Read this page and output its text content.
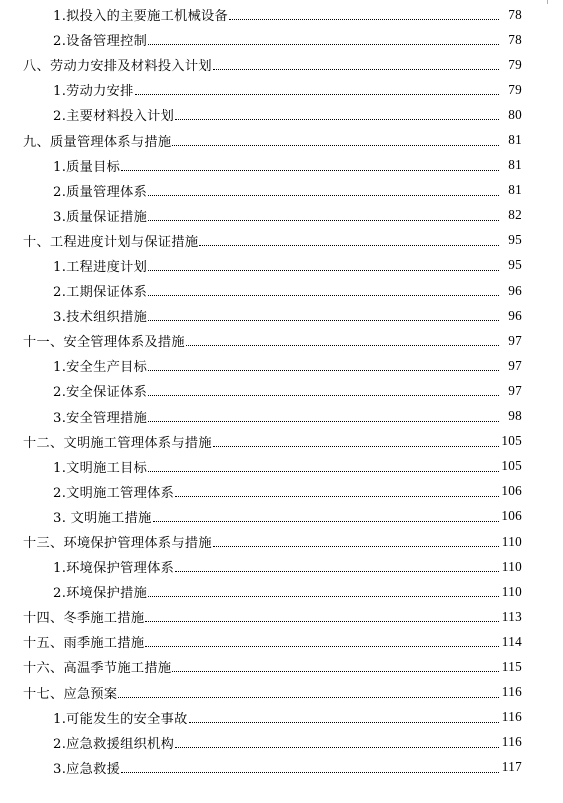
1.拟投入的主要施工机械设备	78
2.设备管理控制	78
八、劳动力安排及材料投入计划	79
1.劳动力安排	79
2.主要材料投入计划	80
九、质量管理体系与措施	81
1.质量目标	81
2.质量管理体系	81
3.质量保证措施	82
十、工程进度计划与保证措施	95
1.工程进度计划	95
2.工期保证体系	96
3.技术组织措施	96
十一、安全管理体系及措施	97
1.安全生产目标	97
2.安全保证体系	97
3.安全管理措施	98
十二、文明施工管理体系与措施	105
1.文明施工目标	105
2.文明施工管理体系	106
3. 文明施工措施	106
十三、环境保护管理体系与措施	110
1.环境保护管理体系	110
2.环境保护措施	110
十四、冬季施工措施	113
十五、雨季施工措施	114
十六、高温季节施工措施	115
十七、应急预案	116
1.可能发生的安全事故	116
2.应急救援组织机构	116
3.应急救援	117
